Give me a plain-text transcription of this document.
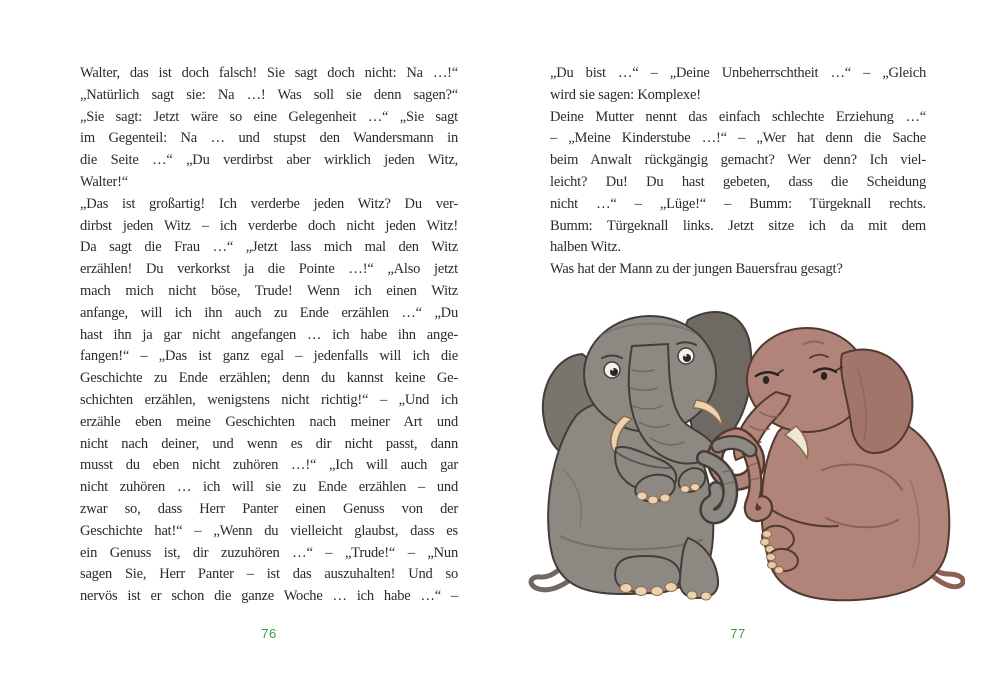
Walter, das ist doch falsch! Sie sagt doch nicht: Na …!“
„Natürlich sagt sie: Na …! Was soll sie denn sagen?“
„Sie sagt: Jetzt wäre so eine Gelegenheit …“ „Sie sagt
im Gegenteil: Na … und stupst den Wandersmann in
die Seite …“ „Du verdirbst aber wirklich jeden Witz,
Walter!“
„Das ist großartig! Ich verderbe jeden Witz? Du ver-
dirbst jeden Witz – ich verderbe doch nicht jeden Witz!
Da sagt die Frau …“ „Jetzt lass mich mal den Witz
erzählen! Du verkorkst ja die Pointe …!“ „Also jetzt
mach mich nicht böse, Trude! Wenn ich einen Witz
anfange, will ich ihn auch zu Ende erzählen …“ „Du
hast ihn ja gar nicht angefangen … ich habe ihn ange-
fangen!“ – „Das ist ganz egal – jedenfalls will ich die
Geschichte zu Ende erzählen; denn du kannst keine Ge-
schichten erzählen, wenigstens nicht richtig!“ – „Und ich
erzähle eben meine Geschichten nach meiner Art und
nicht nach deiner, und wenn es dir nicht passt, dann
musst du eben nicht zuhören …!“ „Ich will auch gar
nicht zuhören … ich will sie zu Ende erzählen – und
zwar so, dass Herr Panter einen Genuss von der
Geschichte hat!“ – „Wenn du vielleicht glaubst, dass es
ein Genuss ist, dir zuzuhören …“ – „Trude!“ – „Nun
sagen Sie, Herr Panter – ist das auszuhalten! Und so
nervös ist er schon die ganze Woche … ich habe …“ –
„Du bist …“ – „Deine Unbeherrschtheit …“ – „Gleich
wird sie sagen: Komplexe!
Deine Mutter nennt das einfach schlechte Erziehung …“
– „Meine Kinderstube …!“ – „Wer hat denn die Sache
beim Anwalt rückgängig gemacht? Wer denn? Ich viel-
leicht? Du! Du hast gebeten, dass die Scheidung
nicht …“ – „Lüge!“ – Bumm: Türgeknall rechts.
Bumm: Türgeknall links. Jetzt sitze ich da mit dem
halben Witz.
Was hat der Mann zu der jungen Bauersfrau gesagt?
76	77
